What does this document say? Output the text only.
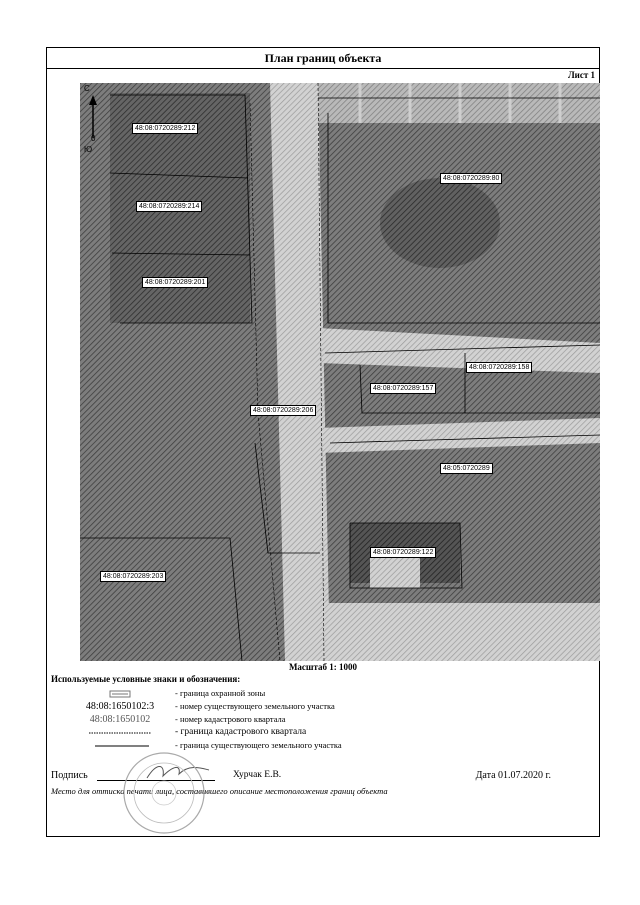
План границ объекта
Лист 1
С
0
Ю
48:08:0720289:212
48:08:0720289:80
48:08:0720289:214
48:08:0720289:201
48:08:0720289:158
48:08:0720289:157
48:08:0720289:206
48:05:0720289
48:08:0720289:122
48:08:0720289:203
Масштаб 1: 1000
Используемые условные знаки и обозначения:
- граница охранной зоны
48:08:1650102:3	- номер существующего земельного участка
48:08:1650102	- номер кадастрового квартала
- граница кадастрового квартала
- граница существующего земельного участка
Подпись	Хурчак Е.В.	Дата 01.07.2020 г.
Место для оттиска печати лица, составившего описание местоположения границ объекта
